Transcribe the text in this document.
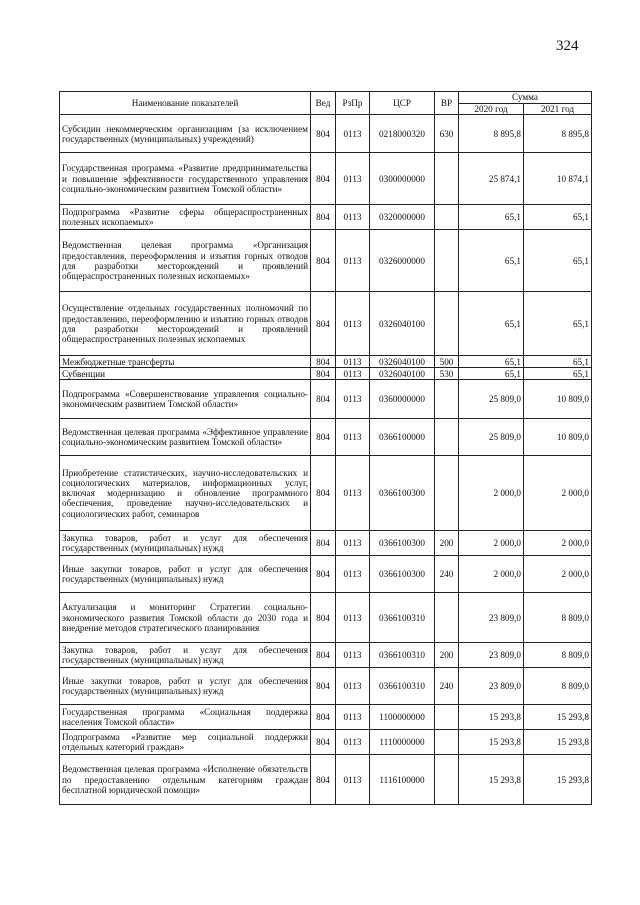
324
Наименование показателей	Вед	РзПр	ЦСР	ВР	Сумма	
					2020 год	2021 год
Субсидии некоммерческим организациям (за исключением государственных (муниципальных) учреждений)	804	0113	0218000320	630	8 895,8	8 895,8
Государственная программа «Развитие предпринимательства и повышение эффективности государственного управления социально-экономическим развитием Томской области»	804	0113	0300000000		25 874,1	10 874,1
Подпрограмма «Развитие сферы общераспространенных полезных ископаемых»	804	0113	0320000000		65,1	65,1
Ведомственная целевая программа «Организация предоставления, переоформления и изъятия горных отводов для разработки месторождений и проявлений общераспространенных полезных ископаемых»	804	0113	0326000000		65,1	65,1
Осуществление отдельных государственных полномочий по предоставлению, переоформлению и изъятию горных отводов для разработки месторождений и проявлений общераспространенных полезных ископаемых	804	0113	0326040100		65,1	65,1
Межбюджетные трансферты	804	0113	0326040100	500	65,1	65,1
Субвенции	804	0113	0326040100	530	65,1	65,1
Подпрограмма «Совершенствование управления социально-экономическим развитием Томской области»	804	0113	0360000000		25 809,0	10 809,0
Ведомственная целевая программа «Эффективное управление социально-экономическим развитием Томской области»	804	0113	0366100000		25 809,0	10 809,0
Приобретение статистических, научно-исследовательских и социологических материалов, информационных услуг, включая модернизацию и обновление программного обеспечения, проведение научно-исследовательских и социологических работ, семинаров	804	0113	0366100300		2 000,0	2 000,0
Закупка товаров, работ и услуг для обеспечения государственных (муниципальных) нужд	804	0113	0366100300	200	2 000,0	2 000,0
Иные закупки товаров, работ и услуг для обеспечения государственных (муниципальных) нужд	804	0113	0366100300	240	2 000,0	2 000,0
Актуализация и мониторинг Стратегии социально-экономического развития Томской области до 2030 года и внедрение методов стратегического планирования	804	0113	0366100310		23 809,0	8 809,0
Закупка товаров, работ и услуг для обеспечения государственных (муниципальных) нужд	804	0113	0366100310	200	23 809,0	8 809,0
Иные закупки товаров, работ и услуг для обеспечения государственных (муниципальных) нужд	804	0113	0366100310	240	23 809,0	8 809,0
Государственная программа «Социальная поддержка населения Томской области»	804	0113	1100000000		15 293,8	15 293,8
Подпрограмма «Развитие мер социальной поддержки отдельных категорий граждан»	804	0113	1110000000		15 293,8	15 293,8
Ведомственная целевая программа «Исполнение обязательств по предоставлению отдельным категориям граждан бесплатной юридической помощи»	804	0113	1116100000		15 293,8	15 293,8
